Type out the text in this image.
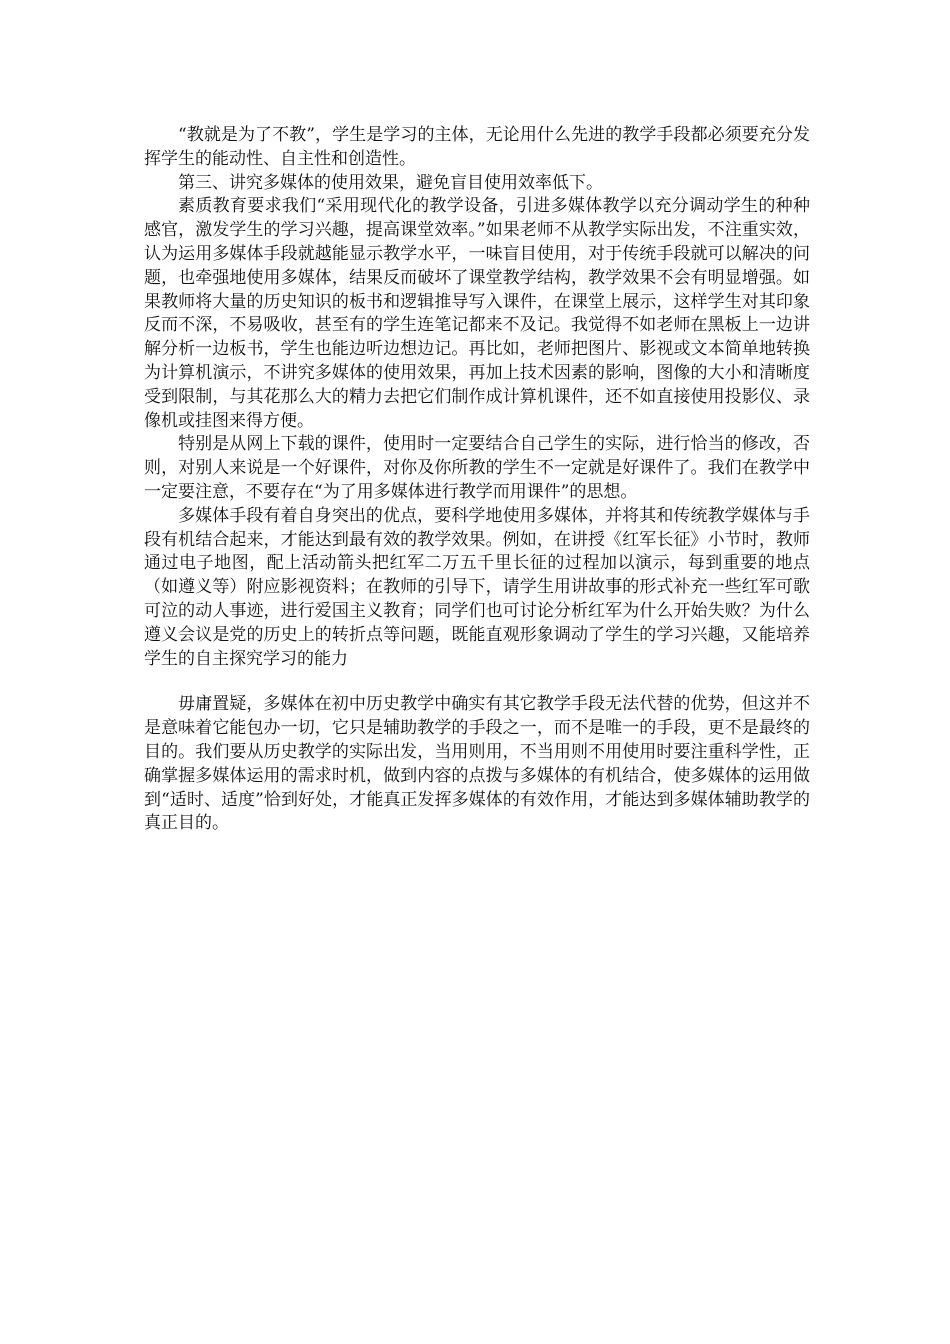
“教就是为了不教”，学生是学习的主体，无论用什么先进的教学手段都必须要充分发挥学生的能动性、自主性和创造性。

第三、讲究多媒体的使用效果，避免盲目使用效率低下。

素质教育要求我们“采用现代化的教学设备，引进多媒体教学以充分调动学生的种种感官，激发学生的学习兴趣，提高课堂效率。”如果老师不从教学实际出发，不注重实效，认为运用多媒体手段就越能显示教学水平，一味盲目使用，对于传统手段就可以解决的问题，也牵强地使用多媒体，结果反而破坏了课堂教学结构，教学效果不会有明显增强。如果教师将大量的历史知识的板书和逻辑推导写入课件，在课堂上展示，这样学生对其印象反而不深，不易吸收，甚至有的学生连笔记都来不及记。我觉得不如老师在黑板上一边讲解分析一边板书，学生也能边听边想边记。再比如，老师把图片、影视或文本简单地转换为计算机演示，不讲究多媒体的使用效果，再加上技术因素的影响，图像的大小和清晰度受到限制，与其花那么大的精力去把它们制作成计算机课件，还不如直接使用投影仪、录像机或挂图来得方便。

特别是从网上下载的课件，使用时一定要结合自己学生的实际，进行恰当的修改，否则，对别人来说是一个好课件，对你及你所教的学生不一定就是好课件了。我们在教学中一定要注意，不要存在“为了用多媒体进行教学而用课件”的思想。

多媒体手段有着自身突出的优点，要科学地使用多媒体，并将其和传统教学媒体与手段有机结合起来，才能达到最有效的教学效果。例如，在讲授《红军长征》小节时，教师通过电子地图，配上活动箭头把红军二万五千里长征的过程加以演示，每到重要的地点（如遵义等）附应影视资料；在教师的引导下，请学生用讲故事的形式补充一些红军可歌可泣的动人事迹，进行爱国主义教育；同学们也可讨论分析红军为什么开始失败？为什么遵义会议是党的历史上的转折点等问题，既能直观形象调动了学生的学习兴趣，又能培养学生的自主探究学习的能力

毋庸置疑，多媒体在初中历史教学中确实有其它教学手段无法代替的优势，但这并不是意味着它能包办一切，它只是辅助教学的手段之一，而不是唯一的手段，更不是最终的目的。我们要从历史教学的实际出发，当用则用，不当用则不用使用时要注重科学性，正确掌握多媒体运用的需求时机，做到内容的点拨与多媒体的有机结合，使多媒体的运用做到“适时、适度”恰到好处，才能真正发挥多媒体的有效作用，才能达到多媒体辅助教学的真正目的。
